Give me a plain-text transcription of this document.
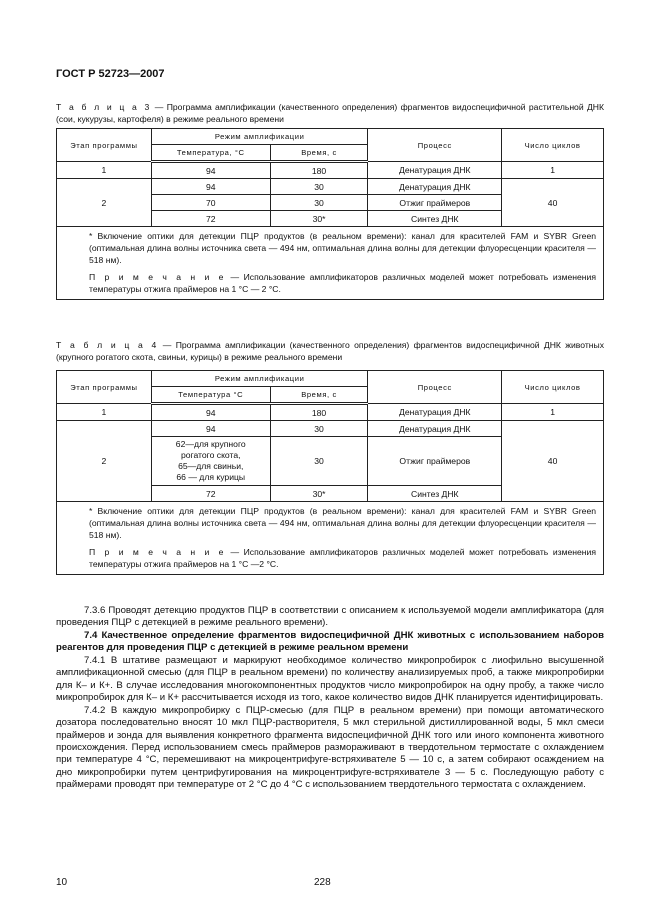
ГОСТ Р 52723—2007
Т а б л и ц а 3 — Программа амплификации (качественного определения) фрагментов видоспецифичной растительной ДНК (сои, кукурузы, картофеля) в режиме реального времени
Этап программы	Режим амплификации		Процесс	Число циклов
	Температура, °С	Время, с		
1	94	180	Денатурация ДНК	1
2	94	30	Денатурация ДНК	40
	70	30	Отжиг праймеров	
	72	30*	Синтез ДНК	

* Включение оптики для детекции ПЦР продуктов (в реальном времени): канал для красителей FAM и SYBR Green (оптимальная длина волны источника света — 494 нм, оптимальная длина волны для детекции флуоресценции красителя — 518 нм).

П р и м е ч а н и е — Использование амплификаторов различных моделей может потребовать изменения температуры отжига праймеров на 1 °С — 2 °С.				

Т а б л и ц а 4 — Программа амплификации (качественного определения) фрагментов видоспецифичной ДНК животных (крупного рогатого скота, свиньи, курицы) в режиме реального времени
Этап программы	Режим амплификации		Процесс	Число циклов
	Температура °С	Время, с		
1	94	180	Денатурация ДНК	1
2	94	30	Денатурация ДНК	40

	62—для крупного
рогатого скота,
65—для свиньи,
66 — для курицы	30	Отжиг праймеров	
	72	30*	Синтез ДНК	

* Включение оптики для детекции ПЦР продуктов (в реальном времени): канал для красителей FAM и SYBR Green (оптимальная длина волны источника света — 494 нм, оптимальная длина волны для детекции флуоресценции красителя — 518 нм).

П р и м е ч а н и е — Использование амплификаторов различных моделей может потребовать изменения температуры отжига праймеров на 1 °С —2 °С.				

7.3.6 Проводят детекцию продуктов ПЦР в соответствии с описанием к используемой модели амплификатора (для проведения ПЦР с детекцией в режиме реального времени).

7.4 Качественное определение фрагментов видоспецифичной ДНК животных с использованием наборов реагентов для проведения ПЦР с детекцией в режиме реальном времени

7.4.1 В штативе размещают и маркируют необходимое количество микропробирок с лиофильно высушенной амплификационной смесью (для ПЦР в реальном времени) по количеству анализируемых проб, а также микропробирки для К– и К+. В случае исследования многокомпонентных продуктов число микропробирок на одну пробу, а также число микропробирок для К– и К+ рассчитывается исходя из того, какое количество видов ДНК планируется идентифицировать.

7.4.2 В каждую микропробирку с ПЦР-смесью (для ПЦР в реальном времени) при помощи автоматического дозатора последовательно вносят 10 мкл ПЦР-растворителя, 5 мкл стерильной дистиллированной воды, 5 мкл смеси праймеров и зонда для выявления конкретного фрагмента видоспецифичной ДНК того или иного компонента животного происхождения. Перед использованием смесь праймеров размораживают в твердотельном термостате с охлаждением при температуре 4 °С, перемешивают на микроцентрифуге-встряхивателе 5 — 10 с, а затем собирают осаждением на дно микропробирки путем центрифугирования на микроцентрифуге-встряхивателе 3 — 5 с. Последующую работу с праймерами проводят при температуре от 2 °С до 4 °С с использованием твердотельного термостата с охлаждением.

10	228
